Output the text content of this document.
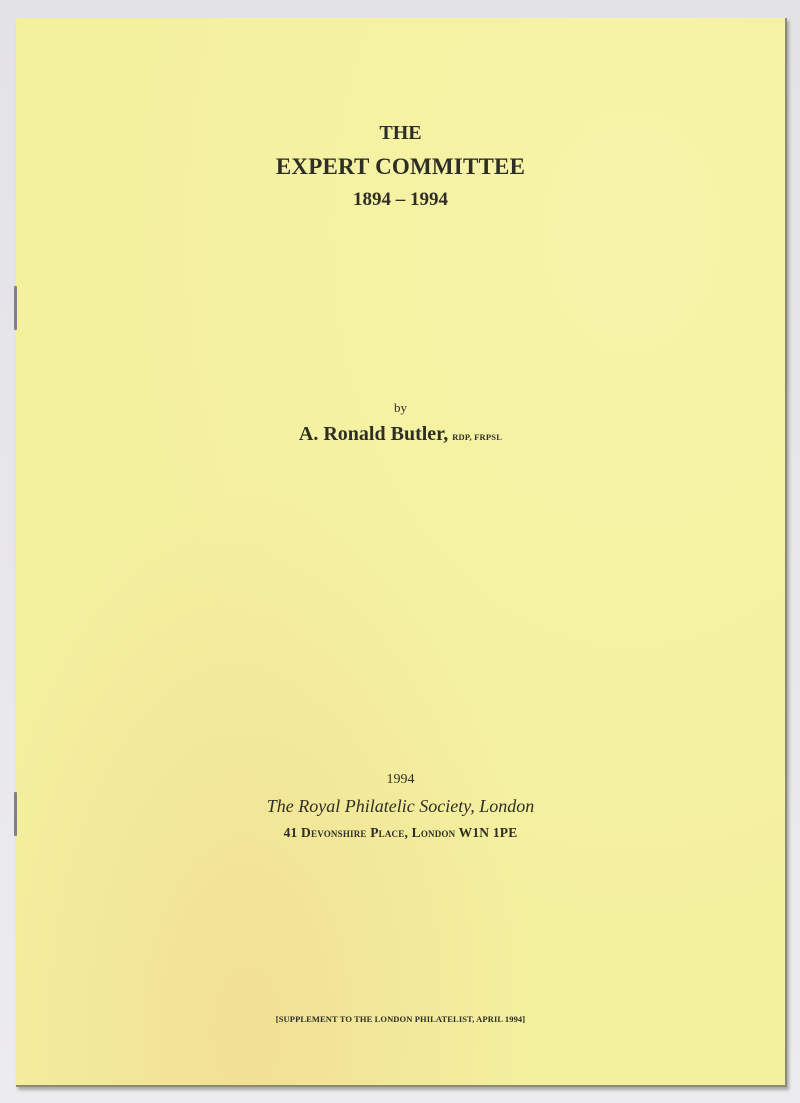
THE
EXPERT COMMITTEE
1894 – 1994
by
A. Ronald Butler, RDP, FRPSL
1994
The Royal Philatelic Society, London
41 Devonshire Place, London W1N 1PE
[SUPPLEMENT TO THE LONDON PHILATELIST, APRIL 1994]
